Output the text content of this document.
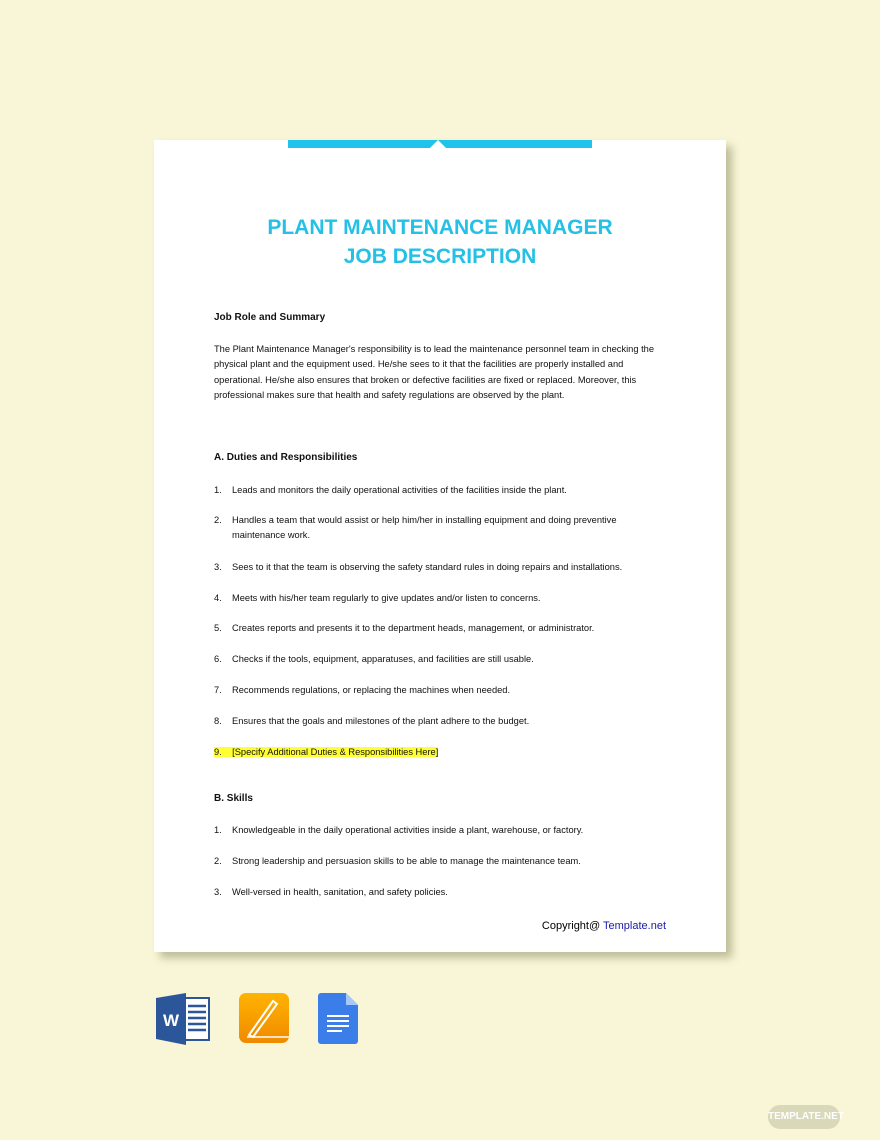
PLANT MAINTENANCE MANAGER
JOB DESCRIPTION
Job Role and Summary
The Plant Maintenance Manager's responsibility is to lead the maintenance personnel team in checking the physical plant and the equipment used. He/she sees to it that the facilities are properly installed and operational. He/she also ensures that broken or defective facilities are fixed or replaced. Moreover, this professional makes sure that health and safety regulations are observed by the plant.
A. Duties and Responsibilities
1. Leads and monitors the daily operational activities of the facilities inside the plant.
2. Handles a team that would assist or help him/her in installing equipment and doing preventive maintenance work.
3. Sees to it that the team is observing the safety standard rules in doing repairs and installations.
4. Meets with his/her team regularly to give updates and/or listen to concerns.
5. Creates reports and presents it to the department heads, management, or administrator.
6. Checks if the tools, equipment, apparatuses, and facilities are still usable.
7. Recommends regulations, or replacing the machines when needed.
8. Ensures that the goals and milestones of the plant adhere to the budget.
9. [Specify Additional Duties & Responsibilities Here]
B. Skills
1. Knowledgeable in the daily operational activities inside a plant, warehouse, or factory.
2. Strong leadership and persuasion skills to be able to manage the maintenance team.
3. Well-versed in health, sanitation, and safety policies.
Copyright@ Template.net
W
TEMPLATE.NET
